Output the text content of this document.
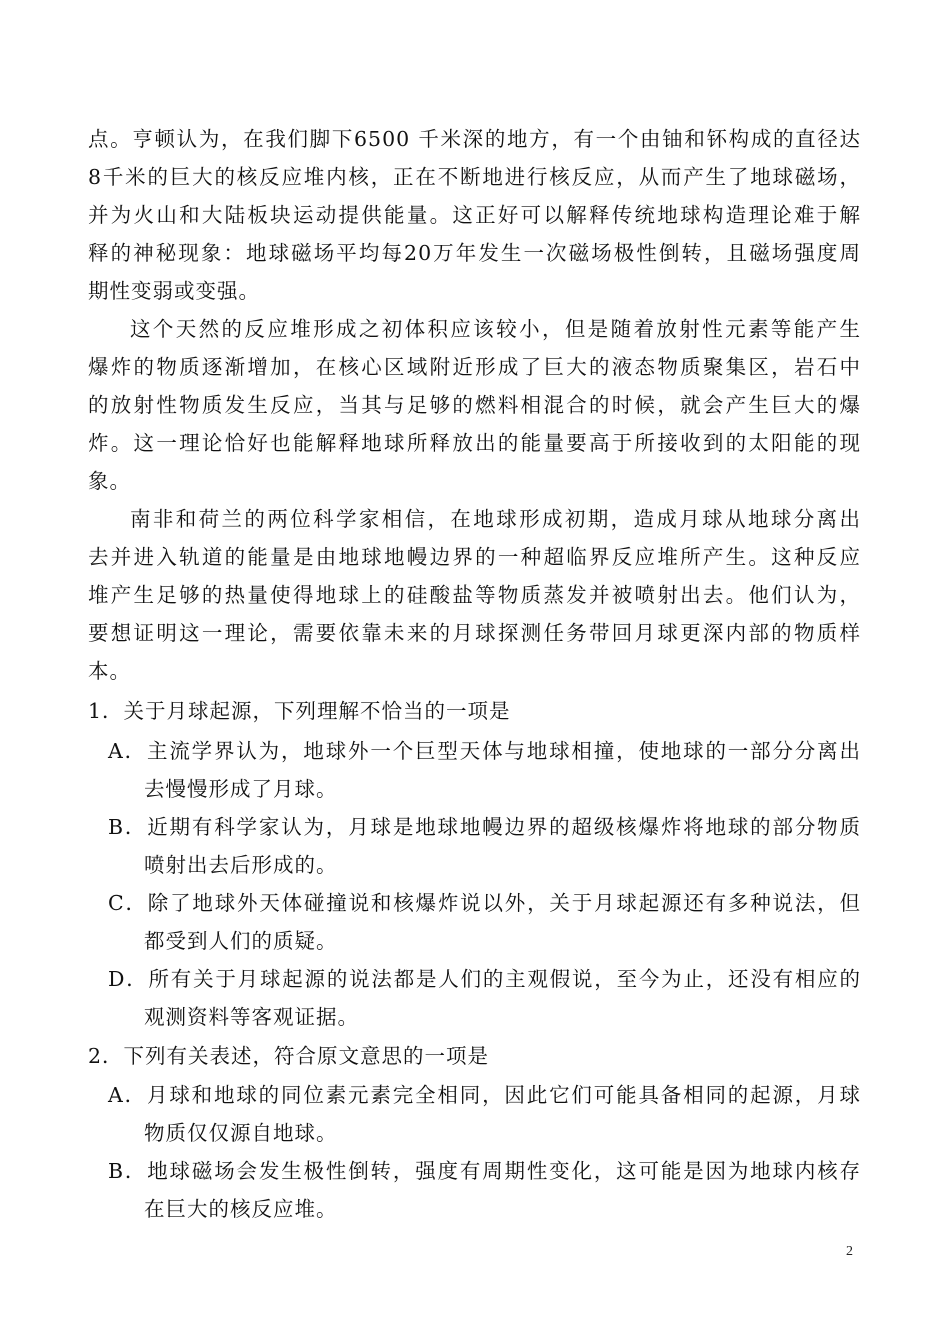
点。亨顿认为，在我们脚下6500 千米深的地方，有一个由铀和钚构成的直径达
8千米的巨大的核反应堆内核，正在不断地进行核反应，从而产生了地球磁场，
并为火山和大陆板块运动提供能量。这正好可以解释传统地球构造理论难于解
释的神秘现象：地球磁场平均每20万年发生一次磁场极性倒转，且磁场强度周
期性变弱或变强。
这个天然的反应堆形成之初体积应该较小，但是随着放射性元素等能产生
爆炸的物质逐渐增加，在核心区域附近形成了巨大的液态物质聚集区，岩石中
的放射性物质发生反应，当其与足够的燃料相混合的时候，就会产生巨大的爆
炸。这一理论恰好也能解释地球所释放出的能量要高于所接收到的太阳能的现
象。
南非和荷兰的两位科学家相信，在地球形成初期，造成月球从地球分离出
去并进入轨道的能量是由地球地幔边界的一种超临界反应堆所产生。这种反应
堆产生足够的热量使得地球上的硅酸盐等物质蒸发并被喷射出去。他们认为，
要想证明这一理论，需要依靠未来的月球探测任务带回月球更深内部的物质样
本。
1．关于月球起源，下列理解不恰当的一项是
A．主流学界认为，地球外一个巨型天体与地球相撞，使地球的一部分分离出
去慢慢形成了月球。
B．近期有科学家认为，月球是地球地幔边界的超级核爆炸将地球的部分物质
喷射出去后形成的。
C．除了地球外天体碰撞说和核爆炸说以外，关于月球起源还有多种说法，但
都受到人们的质疑。
D．所有关于月球起源的说法都是人们的主观假说，至今为止，还没有相应的
观测资料等客观证据。
2．下列有关表述，符合原文意思的一项是
A．月球和地球的同位素元素完全相同，因此它们可能具备相同的起源，月球
物质仅仅源自地球。
B．地球磁场会发生极性倒转，强度有周期性变化，这可能是因为地球内核存
在巨大的核反应堆。
2
